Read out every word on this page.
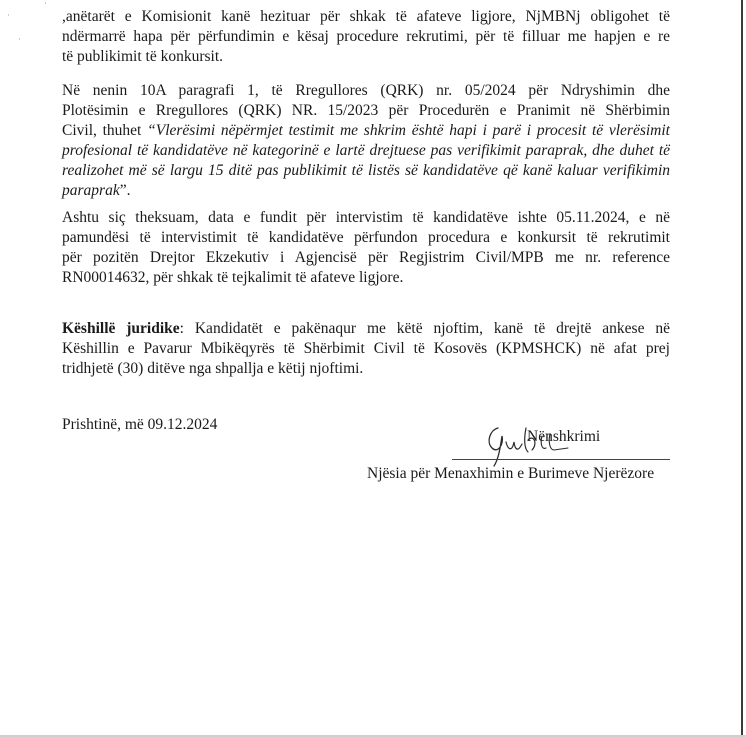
·
·
·
,anëtarët e Komisionit kanë hezituar për shkak të afateve ligjore, NjMBNj obligohet të
ndërmarrë hapa për përfundimin e kësaj procedure rekrutimi, për të filluar me hapjen e re
të publikimit të konkursit.
Në nenin 10A paragrafi 1, të Rregullores (QRK) nr. 05/2024 për Ndryshimin dhe
Plotësimin e Rregullores (QRK) NR. 15/2023 për Procedurën e Pranimit në Shërbimin
Civil, thuhet “Vlerësimi nëpërmjet testimit me shkrim është hapi i parë i procesit të vlerësimit
profesional të kandidatëve në kategorinë e lartë drejtuese pas verifikimit paraprak, dhe duhet të
realizohet më së largu 15 ditë pas publikimit të listës së kandidatëve që kanë kaluar verifikimin
paraprak”.
Ashtu siç theksuam, data e fundit për intervistim të kandidatëve ishte 05.11.2024, e në
pamundësi të intervistimit të kandidatëve përfundon procedura e konkursit të rekrutimit
për pozitën Drejtor Ekzekutiv i Agjencisë për Regjistrim Civil/MPB me nr. reference
RN00014632, për shkak të tejkalimit të afateve ligjore.
Këshillë juridike: Kandidatët e pakënaqur me këtë njoftim, kanë të drejtë ankese në
Këshillin e Pavarur Mbikëqyrës të Shërbimit Civil të Kosovës (KPMSHCK) në afat prej
tridhjetë (30) ditëve nga shpallja e këtij njoftimi.
Prishtinë, më 09.12.2024
Nënshkrimi
Njësia për Menaxhimin e Burimeve Njerëzore
